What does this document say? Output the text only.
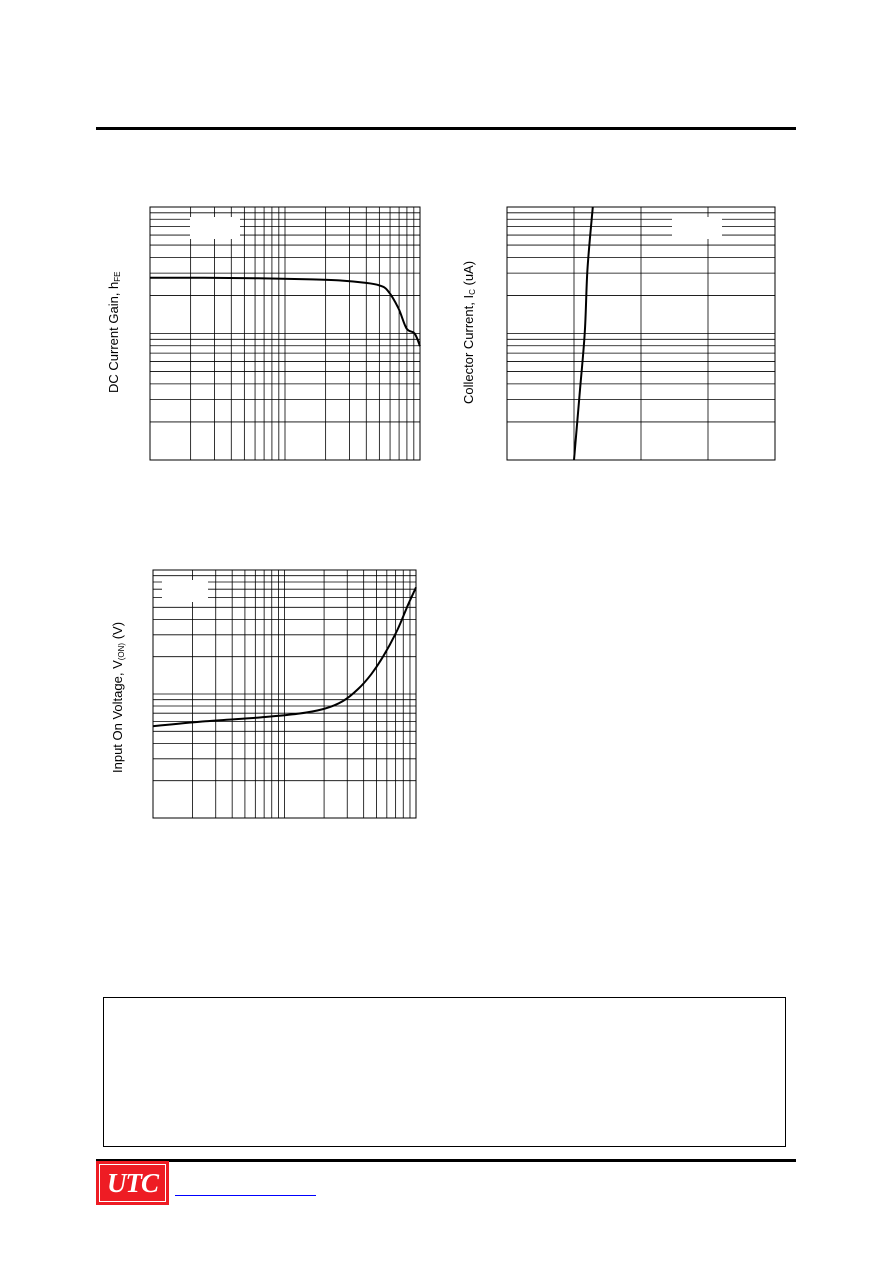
DC Current Gain, $h_{FE}$
Collector Current, $I_C$ (uA)
Input On Voltage, $V_{(ON)}$ (V)
UTC
